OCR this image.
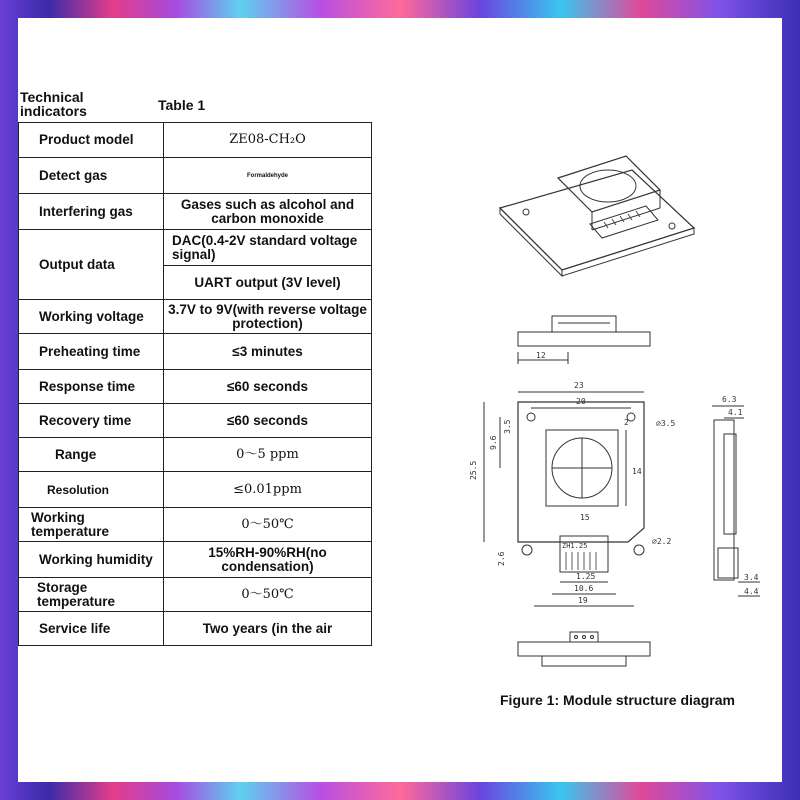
Technical indicators	Table 1
Product model	ZE08-CH₂O
Detect gas	Formaldehyde
Interfering gas	Gases such as alcohol and carbon monoxide
Output data	DAC(0.4-2V standard voltage signal)
	UART output (3V level)
Working voltage	3.7V to 9V(with reverse voltage protection)
Preheating time	≤3 minutes
Response time	≤60 seconds
Recovery time	≤60 seconds
Range	0～5 ppm
Resolution	≤0.01ppm
Working temperature	0～50℃
Working humidity	15%RH-90%RH(no condensation)
Storage temperature	0～50℃
Service life	Two years (in the air
12
ZH1.25
23
20
2	⌀3.5
25.5
9.6
3.5
14
15
2.6
⌀2.2
1.25
10.6
19
6.3
4.1
3.4
4.4
Figure 1: Module structure diagram
